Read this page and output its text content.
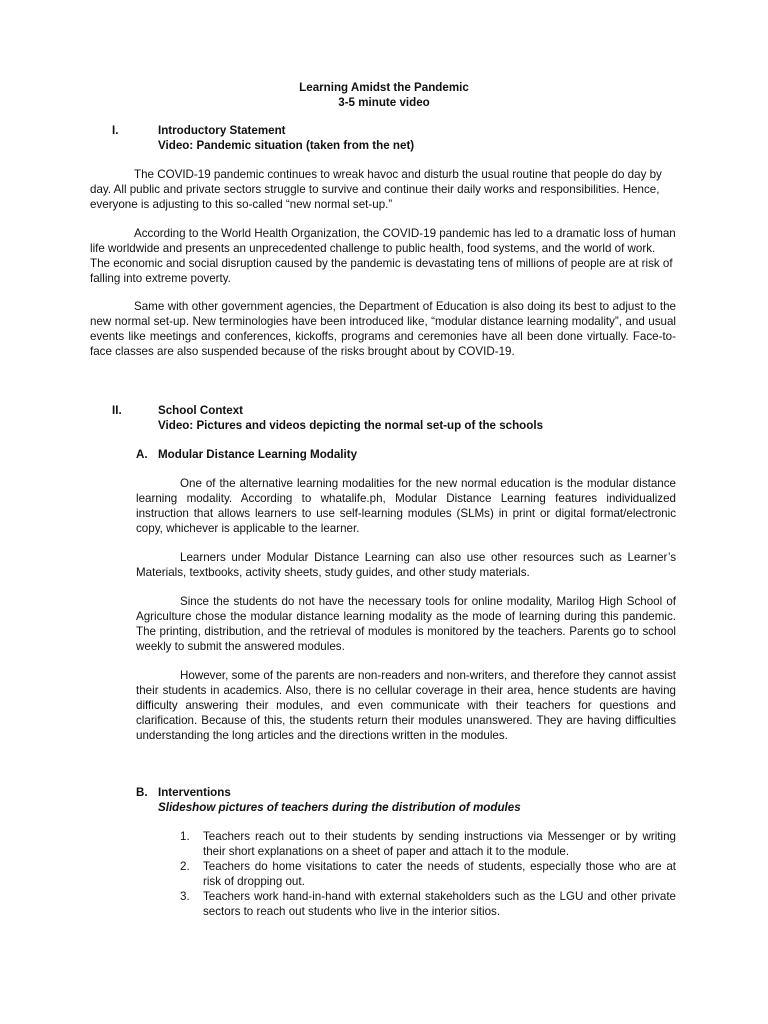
Learning Amidst the Pandemic
3-5 minute video
I.	Introductory Statement
Video: Pandemic situation (taken from the net)
The COVID-19 pandemic continues to wreak havoc and disturb the usual routine that people do day by day. All public and private sectors struggle to survive and continue their daily works and responsibilities. Hence, everyone is adjusting to this so-called “new normal set-up.”
According to the World Health Organization, the COVID-19 pandemic has led to a dramatic loss of human life worldwide and presents an unprecedented challenge to public health, food systems, and the world of work. The economic and social disruption caused by the pandemic is devastating tens of millions of people are at risk of falling into extreme poverty.
Same with other government agencies, the Department of Education is also doing its best to adjust to the new normal set-up. New terminologies have been introduced like, “modular distance learning modality”, and usual events like meetings and conferences, kickoffs, programs and ceremonies have all been done virtually. Face-to-face classes are also suspended because of the risks brought about by COVID-19.
II.	School Context
Video: Pictures and videos depicting the normal set-up of the schools
A. Modular Distance Learning Modality
One of the alternative learning modalities for the new normal education is the modular distance learning modality. According to whatalife.ph, Modular Distance Learning features individualized instruction that allows learners to use self-learning modules (SLMs) in print or digital format/electronic copy, whichever is applicable to the learner.
Learners under Modular Distance Learning can also use other resources such as Learner’s Materials, textbooks, activity sheets, study guides, and other study materials.
Since the students do not have the necessary tools for online modality, Marilog High School of Agriculture chose the modular distance learning modality as the mode of learning during this pandemic. The printing, distribution, and the retrieval of modules is monitored by the teachers. Parents go to school weekly to submit the answered modules.
However, some of the parents are non-readers and non-writers, and therefore they cannot assist their students in academics. Also, there is no cellular coverage in their area, hence students are having difficulty answering their modules, and even communicate with their teachers for questions and clarification. Because of this, the students return their modules unanswered. They are having difficulties understanding the long articles and the directions written in the modules.
B. Interventions
Slideshow pictures of teachers during the distribution of modules
1. Teachers reach out to their students by sending instructions via Messenger or by writing their short explanations on a sheet of paper and attach it to the module.
2. Teachers do home visitations to cater the needs of students, especially those who are at risk of dropping out.
3. Teachers work hand-in-hand with external stakeholders such as the LGU and other private sectors to reach out students who live in the interior sitios.
